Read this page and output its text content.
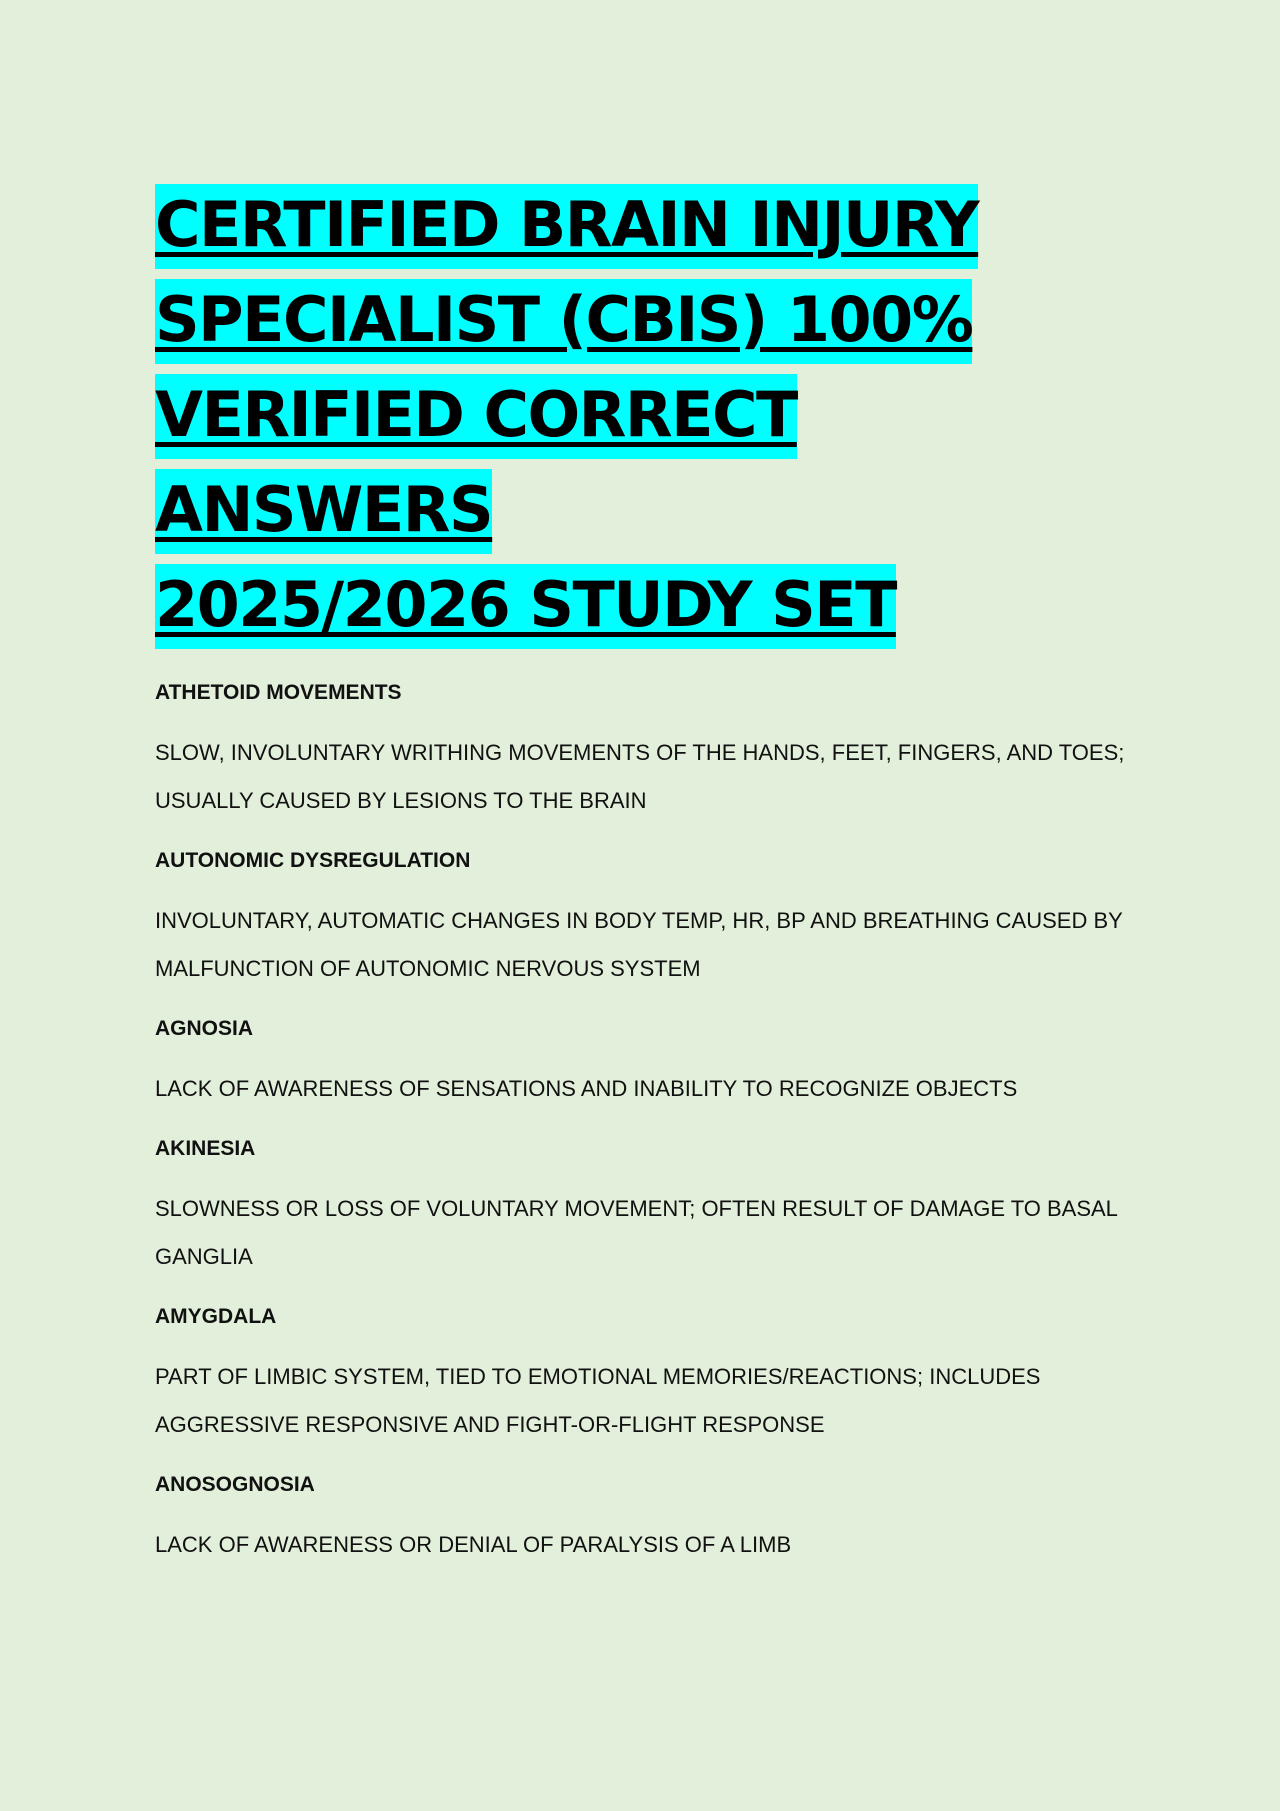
CERTIFIED BRAIN INJURY
SPECIALIST (CBIS) 100%
VERIFIED CORRECT ANSWERS
2025/2026 STUDY SET

ATHETOID MOVEMENTS

SLOW, INVOLUNTARY WRITHING MOVEMENTS OF THE HANDS, FEET, FINGERS, AND TOES; USUALLY CAUSED BY LESIONS TO THE BRAIN

AUTONOMIC DYSREGULATION

INVOLUNTARY, AUTOMATIC CHANGES IN BODY TEMP, HR, BP AND BREATHING CAUSED BY MALFUNCTION OF AUTONOMIC NERVOUS SYSTEM

AGNOSIA

LACK OF AWARENESS OF SENSATIONS AND INABILITY TO RECOGNIZE OBJECTS

AKINESIA

SLOWNESS OR LOSS OF VOLUNTARY MOVEMENT; OFTEN RESULT OF DAMAGE TO BASAL GANGLIA

AMYGDALA

PART OF LIMBIC SYSTEM, TIED TO EMOTIONAL MEMORIES/REACTIONS; INCLUDES AGGRESSIVE RESPONSIVE AND FIGHT-OR-FLIGHT RESPONSE

ANOSOGNOSIA

LACK OF AWARENESS OR DENIAL OF PARALYSIS OF A LIMB
